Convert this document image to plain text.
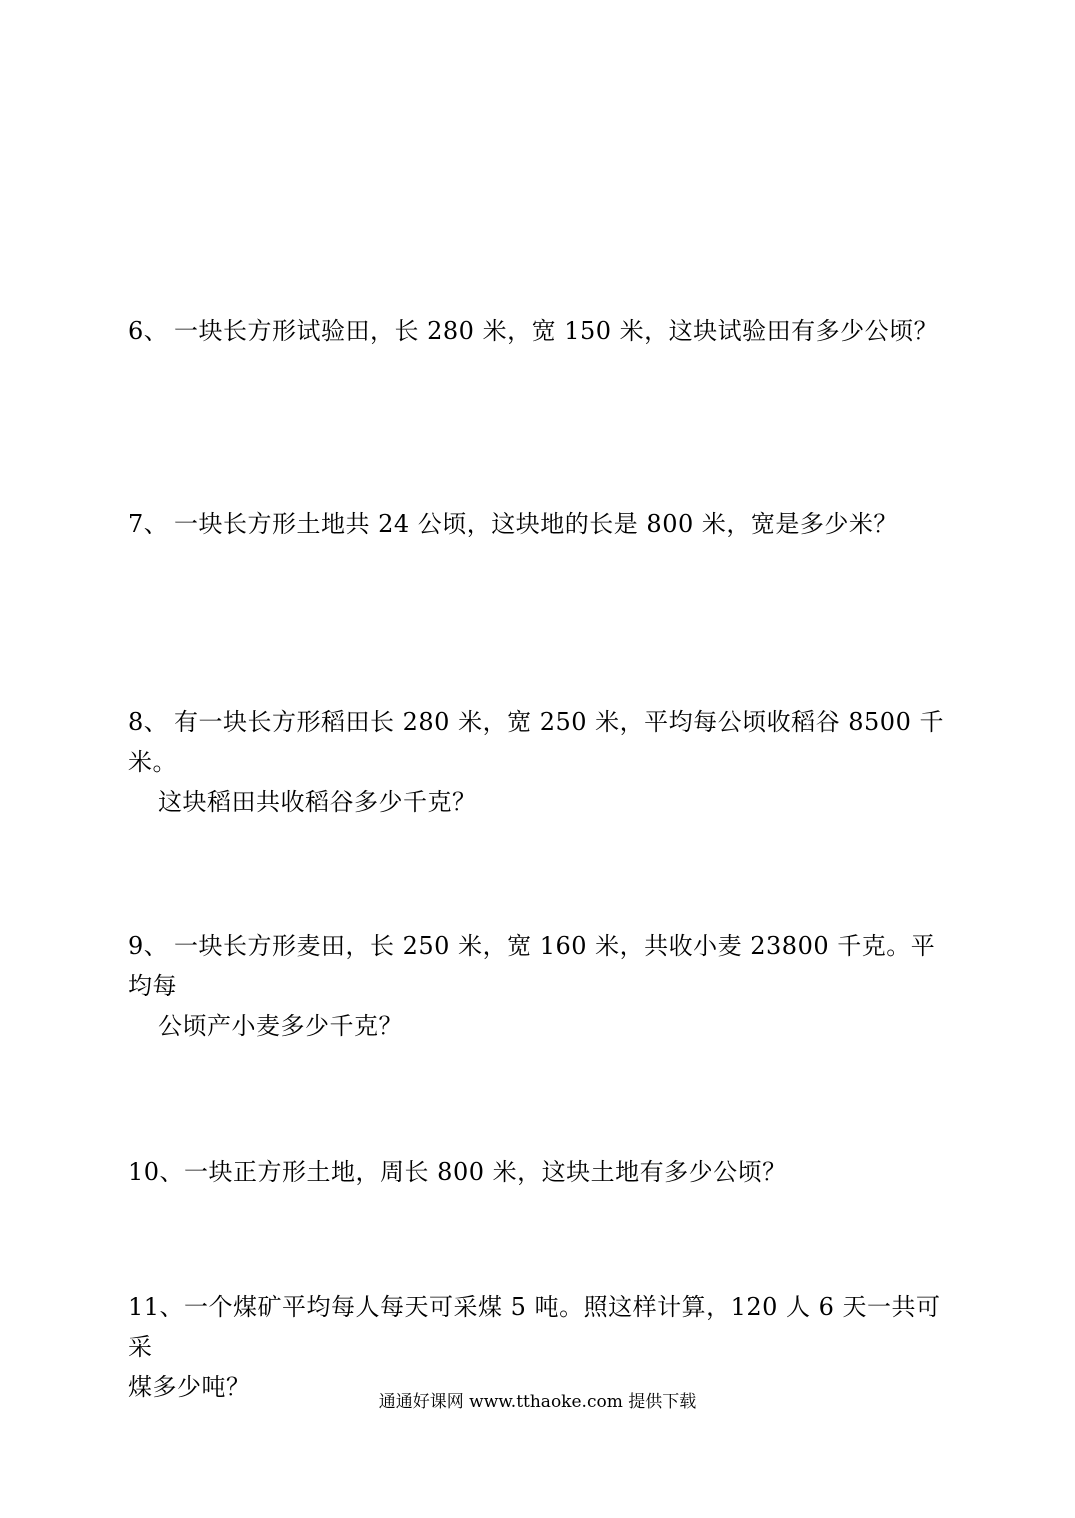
6、 一块长方形试验田，长 280 米，宽 150 米，这块试验田有多少公顷？
7、 一块长方形土地共 24 公顷，这块地的长是 800 米，宽是多少米？
8、 有一块长方形稻田长 280 米，宽 250 米，平均每公顷收稻谷 8500 千米。
这块稻田共收稻谷多少千克？
9、 一块长方形麦田，长 250 米，宽 160 米，共收小麦 23800 千克。平均每
公顷产小麦多少千克？
10、一块正方形土地，周长 800 米，这块土地有多少公顷？
11、一个煤矿平均每人每天可采煤 5 吨。照这样计算，120 人 6 天一共可采
煤多少吨？
通通好课网 www.tthaoke.com 提供下载
